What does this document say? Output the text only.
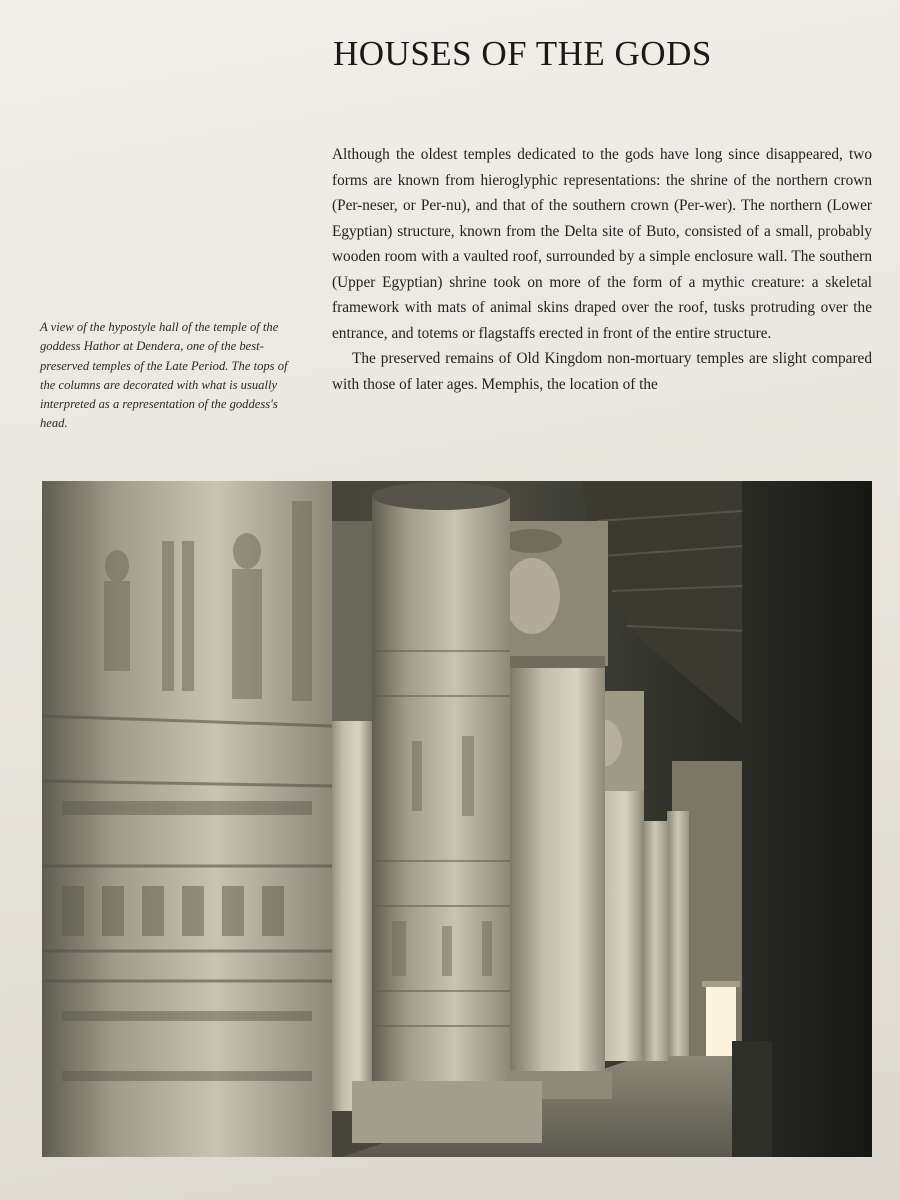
HOUSES OF THE GODS

A view of the hypostyle hall of the temple of the goddess Hathor at Dendera, one of the best-preserved temples of the Late Period. The tops of the columns are decorated with what is usually interpreted as a representation of the goddess's head.

Although the oldest temples dedicated to the gods have long since disappeared, two forms are known from hieroglyphic representations: the shrine of the northern crown (Per-neser, or Per-nu), and that of the southern crown (Per-wer). The northern (Lower Egyptian) structure, known from the Delta site of Buto, consisted of a small, probably wooden room with a vaulted roof, surrounded by a simple enclosure wall. The southern (Upper Egyptian) shrine took on more of the form of a mythic creature: a skeletal framework with mats of animal skins draped over the roof, tusks protruding over the entrance, and totems or flagstaffs erected in front of the entire structure.

The preserved remains of Old Kingdom non-mortuary temples are slight compared with those of later ages. Memphis, the location of the
